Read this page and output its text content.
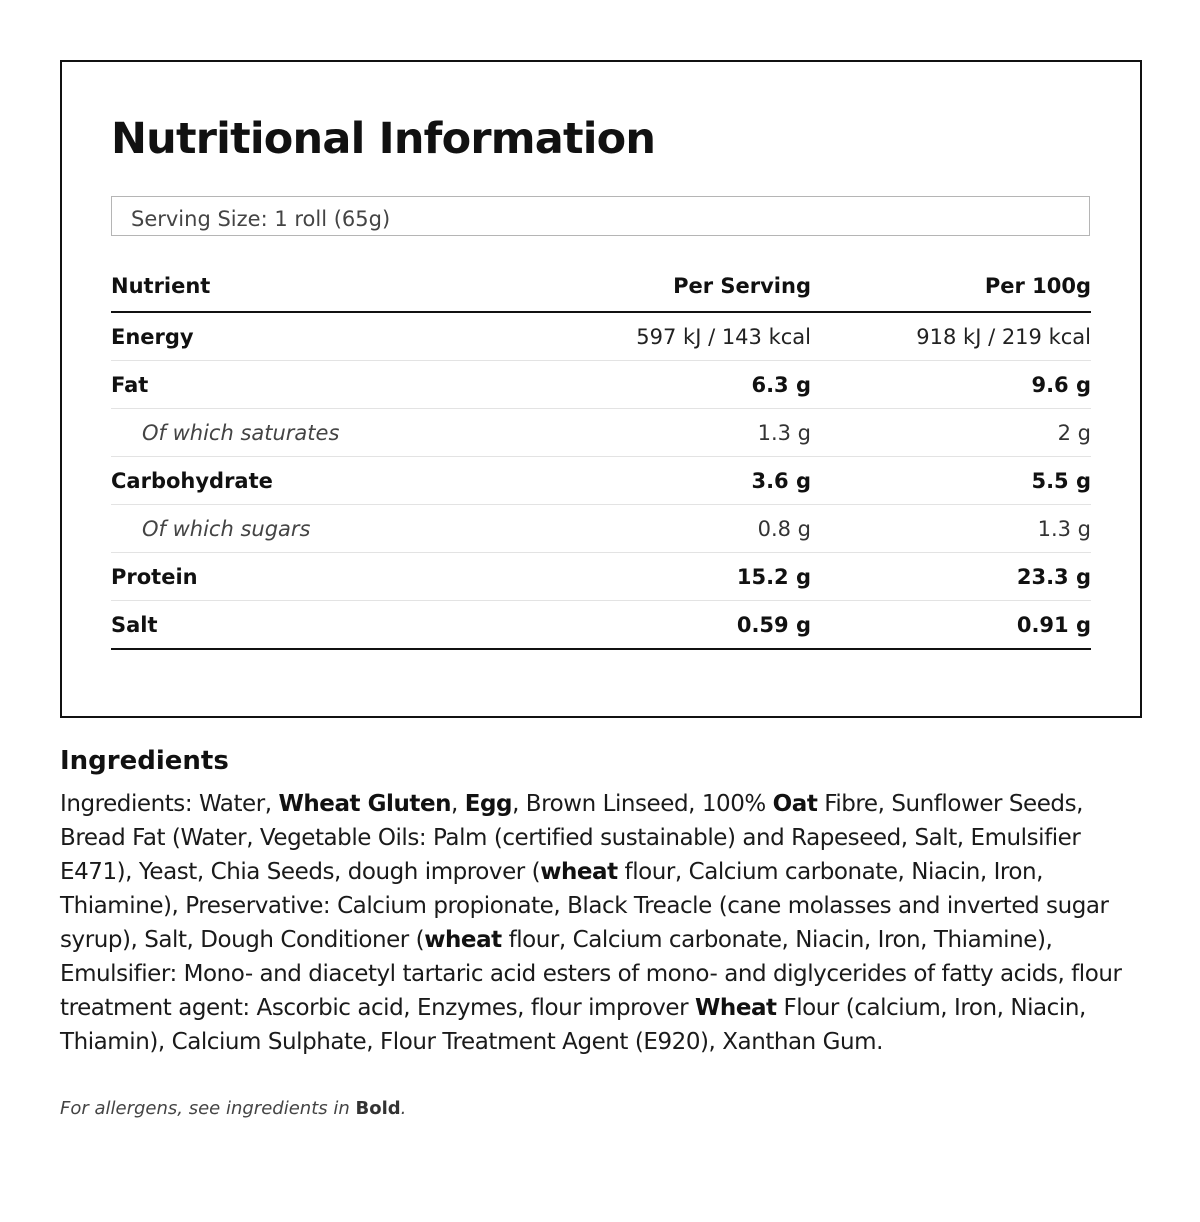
Nutritional Information
Serving Size: 1 roll (65g)
Nutrient	Per Serving	Per 100g
Energy	597 kJ / 143 kcal	918 kJ / 219 kcal
Fat	6.3 g	9.6 g
Of which saturates	1.3 g	2 g
Carbohydrate	3.6 g	5.5 g
Of which sugars	0.8 g	1.3 g
Protein	15.2 g	23.3 g
Salt	0.59 g	0.91 g
Ingredients

Ingredients: Water, Wheat Gluten, Egg, Brown Linseed, 100% Oat Fibre, Sunflower Seeds, Bread Fat (Water, Vegetable Oils: Palm (certified sustainable) and Rapeseed, Salt, Emulsifier E471), Yeast, Chia Seeds, dough improver (wheat flour, Calcium carbonate, Niacin, Iron, Thiamine), Preservative: Calcium propionate, Black Treacle (cane molasses and inverted sugar syrup), Salt, Dough Conditioner (wheat flour, Calcium carbonate, Niacin, Iron, Thiamine), Emulsifier: Mono- and diacetyl tartaric acid esters of mono- and diglycerides of fatty acids, flour treatment agent: Ascorbic acid, Enzymes, flour improver Wheat Flour (calcium, Iron, Niacin, Thiamin), Calcium Sulphate, Flour Treatment Agent (E920), Xanthan Gum.

For allergens, see ingredients in Bold.
